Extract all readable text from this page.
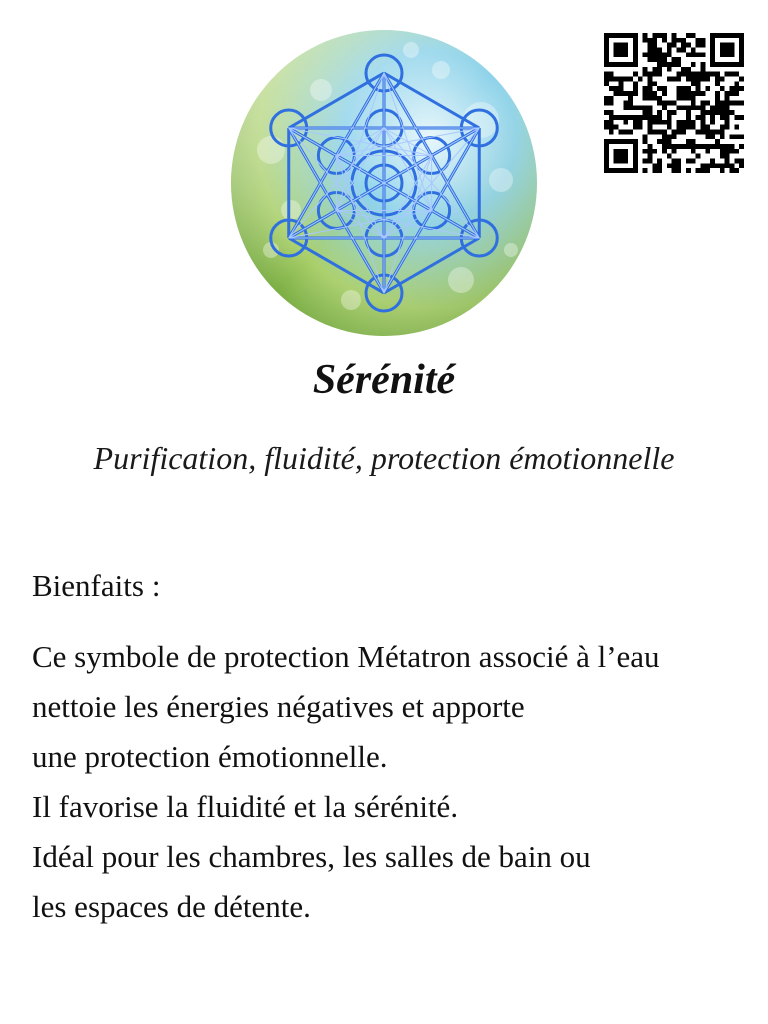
Sérénité

Purification, fluidité, protection émotionnelle

Bienfaits :

Ce symbole de protection Métatron associé à l’eau
nettoie les énergies négatives et apporte
une protection émotionnelle.
Il favorise la fluidité et la sérénité.
Idéal pour les chambres, les salles de bain ou
les espaces de détente.
